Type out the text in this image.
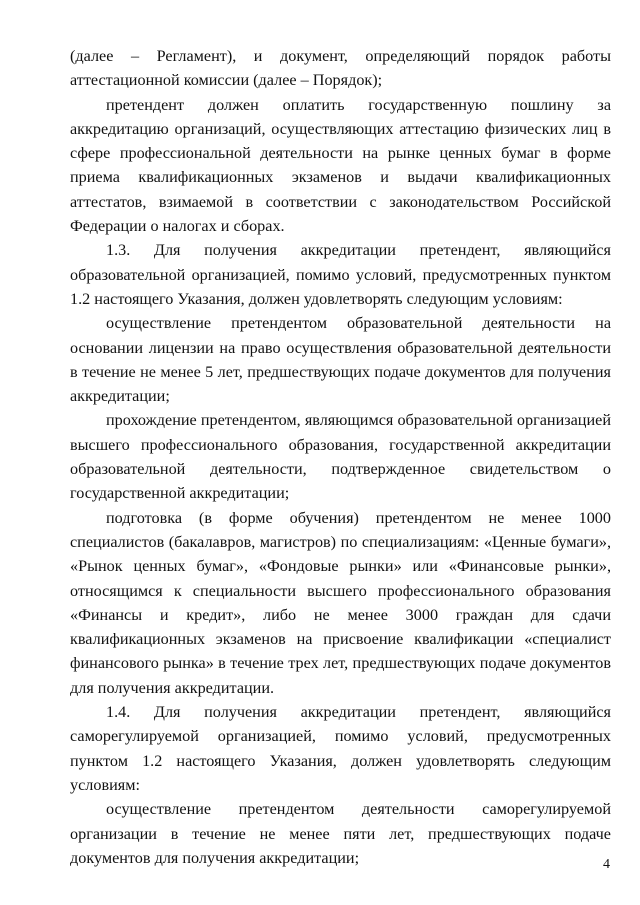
(далее – Регламент), и документ, определяющий порядок работы аттестационной комиссии (далее – Порядок);

претендент должен оплатить государственную пошлину за аккредитацию организаций, осуществляющих аттестацию физических лиц в сфере профессиональной деятельности на рынке ценных бумаг в форме приема квалификационных экзаменов и выдачи квалификационных аттестатов, взимаемой в соответствии с законодательством Российской Федерации о налогах и сборах.

1.3. Для получения аккредитации претендент, являющийся образовательной организацией, помимо условий, предусмотренных пунктом 1.2 настоящего Указания, должен удовлетворять следующим условиям:

осуществление претендентом образовательной деятельности на основании лицензии на право осуществления образовательной деятельности в течение не менее 5 лет, предшествующих подаче документов для получения аккредитации;

прохождение претендентом, являющимся образовательной организацией высшего профессионального образования, государственной аккредитации образовательной деятельности, подтвержденное свидетельством о государственной аккредитации;

подготовка (в форме обучения) претендентом не менее 1000 специалистов (бакалавров, магистров) по специализациям: «Ценные бумаги», «Рынок ценных бумаг», «Фондовые рынки» или «Финансовые рынки», относящимся к специальности высшего профессионального образования «Финансы и кредит», либо не менее 3000 граждан для сдачи квалификационных экзаменов на присвоение квалификации «специалист финансового рынка» в течение трех лет, предшествующих подаче документов для получения аккредитации.

1.4. Для получения аккредитации претендент, являющийся саморегулируемой организацией, помимо условий, предусмотренных пунктом 1.2 настоящего Указания, должен удовлетворять следующим условиям:

осуществление претендентом деятельности саморегулируемой организации в течение не менее пяти лет, предшествующих подаче документов для получения аккредитации;	4
